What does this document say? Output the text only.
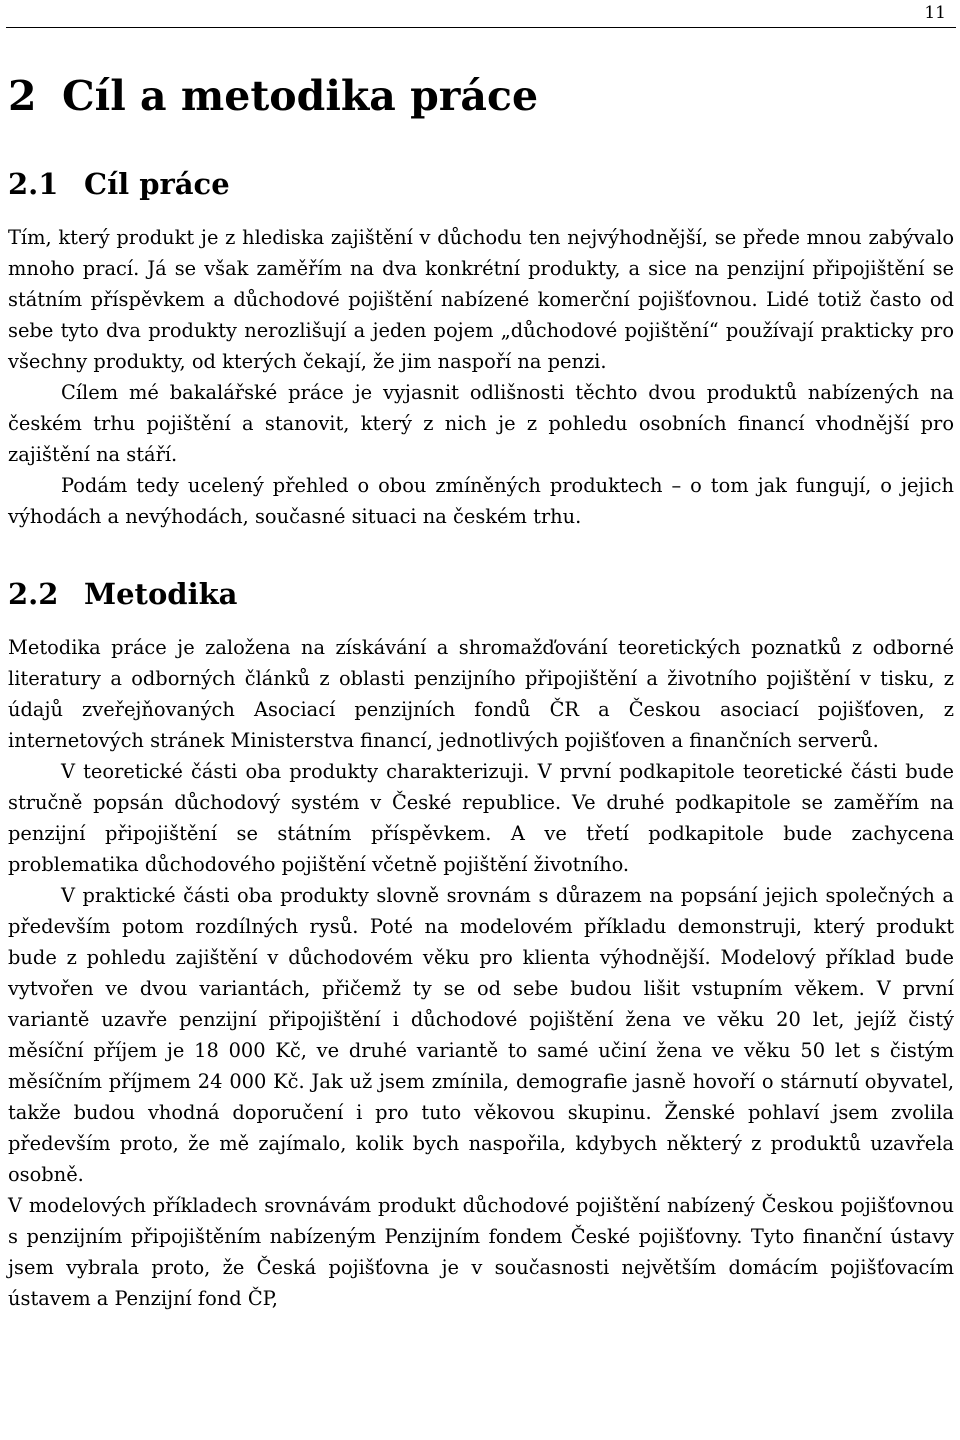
11
2 Cíl a metodika práce
2.1 Cíl práce

Tím, který produkt je z hlediska zajištění v důchodu ten nejvýhodnější, se přede mnou zabývalo mnoho prací. Já se však zaměřím na dva konkrétní produkty, a sice na penzijní připojištění se státním příspěvkem a důchodové pojištění nabízené komerční pojišťovnou. Lidé totiž často od sebe tyto dva produkty nerozlišují a jeden pojem „důchodové pojištění“ používají prakticky pro všechny produkty, od kterých čekají, že jim naspoří na penzi.

Cílem mé bakalářské práce je vyjasnit odlišnosti těchto dvou produktů nabízených na českém trhu pojištění a stanovit, který z nich je z pohledu osobních financí vhodnější pro zajištění na stáří.

Podám tedy ucelený přehled o obou zmíněných produktech – o tom jak fungují, o jejich výhodách a nevýhodách, současné situaci na českém trhu.

2.2 Metodika

Metodika práce je založena na získávání a shromažďování teoretických poznatků z odborné literatury a odborných článků z oblasti penzijního připojištění a životního pojištění v tisku, z údajů zveřejňovaných Asociací penzijních fondů ČR a Českou asociací pojišťoven, z internetových stránek Ministerstva financí, jednotlivých pojišťoven a finančních serverů.

V teoretické části oba produkty charakterizuji. V první podkapitole teoretické části bude stručně popsán důchodový systém v České republice. Ve druhé podkapitole se zaměřím na penzijní připojištění se státním příspěvkem. A ve třetí podkapitole bude zachycena problematika důchodového pojištění včetně pojištění životního.

V praktické části oba produkty slovně srovnám s důrazem na popsání jejich společných a především potom rozdílných rysů. Poté na modelovém příkladu demonstruji, který produkt bude z pohledu zajištění v důchodovém věku pro klienta výhodnější. Modelový příklad bude vytvořen ve dvou variantách, přičemž ty se od sebe budou lišit vstupním věkem. V první variantě uzavře penzijní připojištění i důchodové pojištění žena ve věku 20 let, jejíž čistý měsíční příjem je 18 000 Kč, ve druhé variantě to samé učiní žena ve věku 50 let s čistým měsíčním příjmem 24 000 Kč. Jak už jsem zmínila, demografie jasně hovoří o stárnutí obyvatel, takže budou vhodná doporučení i pro tuto věkovou skupinu. Ženské pohlaví jsem zvolila především proto, že mě zajímalo, kolik bych naspořila, kdybych některý z produktů uzavřela osobně.

V modelových příkladech srovnávám produkt důchodové pojištění nabízený Českou pojišťovnou s penzijním připojištěním nabízeným Penzijním fondem České pojišťovny. Tyto finanční ústavy jsem vybrala proto, že Česká pojišťovna je v současnosti největším domácím pojišťovacím ústavem a Penzijní fond ČP,
